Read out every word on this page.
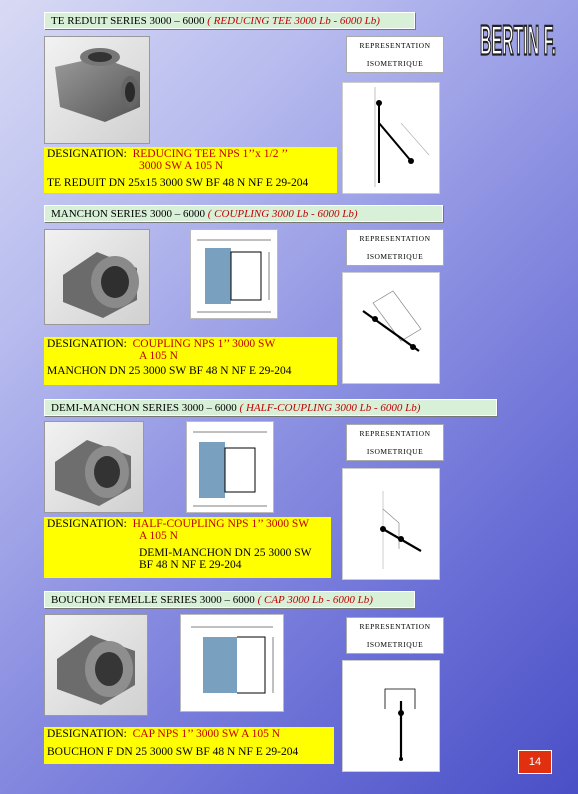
BERTIN F.
TE REDUIT SERIES 3000 – 6000 ( REDUCING TEE 3000 Lb - 6000 Lb)
REPRESENTATION
ISOMETRIQUE
DESIGNATION: REDUCING TEE NPS 1’’x 1/2 ’’
3000 SW A 105 N
TE REDUIT DN 25x15 3000 SW BF 48 N NF E 29-204
MANCHON SERIES 3000 – 6000 ( COUPLING 3000 Lb - 6000 Lb)
REPRESENTATION
ISOMETRIQUE
DESIGNATION: COUPLING NPS 1’’ 3000 SW
A 105 N
MANCHON DN 25 3000 SW BF 48 N NF E 29-204
DEMI-MANCHON SERIES 3000 – 6000 ( HALF-COUPLING 3000 Lb - 6000 Lb)
REPRESENTATION
ISOMETRIQUE
DESIGNATION: HALF-COUPLING NPS 1’’ 3000 SW
A 105 N
DEMI-MANCHON DN 25 3000 SW
BF 48 N NF E 29-204
BOUCHON FEMELLE SERIES 3000 – 6000 ( CAP 3000 Lb - 6000 Lb)
REPRESENTATION
ISOMETRIQUE
DESIGNATION: CAP NPS 1’’ 3000 SW A 105 N
BOUCHON F DN 25 3000 SW BF 48 N NF E 29-204
14
